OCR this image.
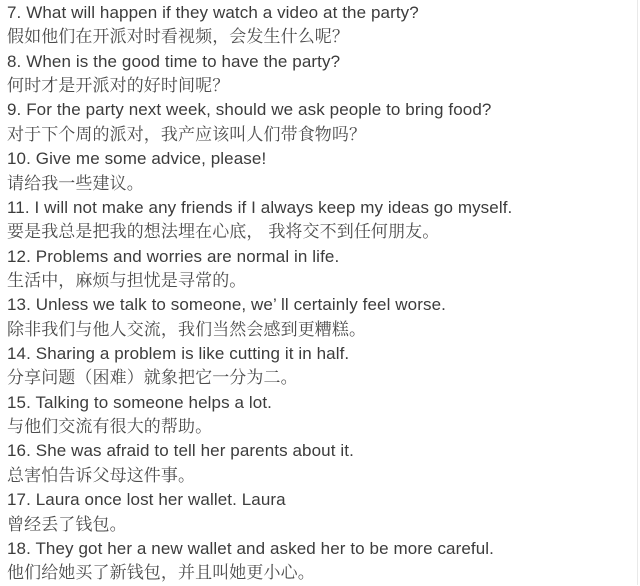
7. What will happen if they watch a video at the party?
假如他们在开派对时看视频，会发生什么呢？
8. When is the good time to have the party?
何时才是开派对的好时间呢？
9. For the party next week, should we ask people to bring food?
对于下个周的派对，我产应该叫人们带食物吗？
10. Give me some advice, please!
请给我一些建议。
11. I will not make any friends if I always keep my ideas go myself.
要是我总是把我的想法埋在心底， 我将交不到任何朋友。
12. Problems and worries are normal in life.
生活中，麻烦与担忧是寻常的。
13. Unless we talk to someone, we’ ll certainly feel worse.
除非我们与他人交流，我们当然会感到更糟糕。
14. Sharing a problem is like cutting it in half.
分享问题（困难）就象把它一分为二。
15. Talking to someone helps a lot.
与他们交流有很大的帮助。
16. She was afraid to tell her parents about it.
总害怕告诉父母这件事。
17. Laura once lost her wallet. Laura
曾经丢了钱包。
18. They got her a new wallet and asked her to be more careful.
他们给她买了新钱包，并且叫她更小心。
